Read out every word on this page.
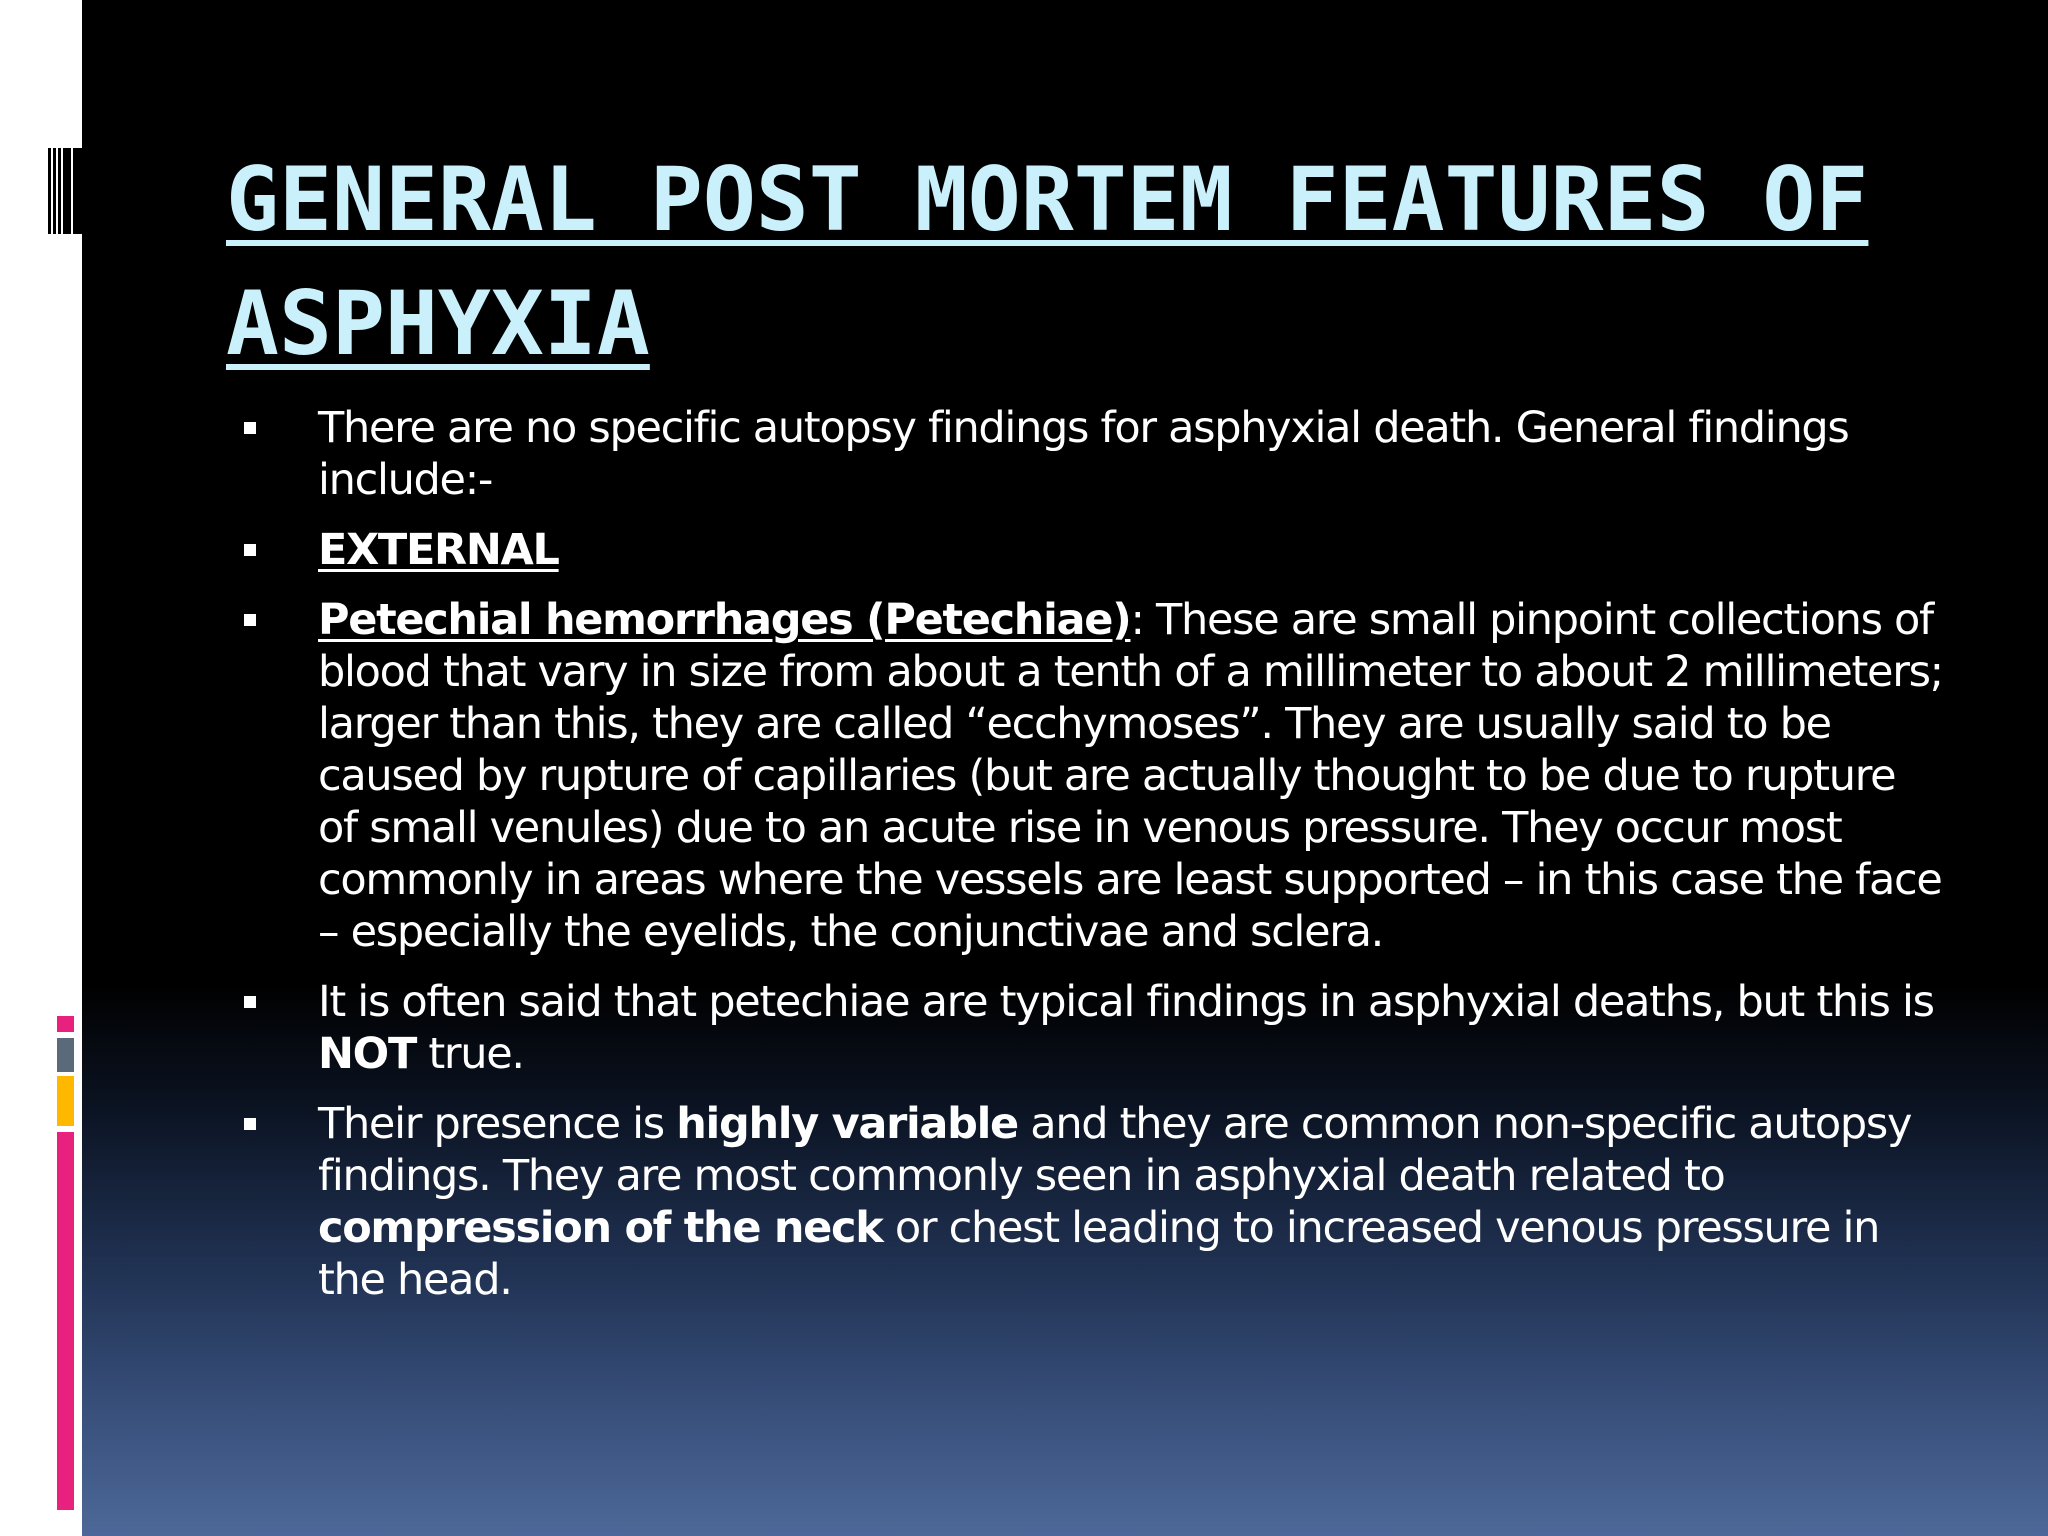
GENERAL POST MORTEM FEATURES OF ASPHYXIA
There are no specific autopsy findings for asphyxial death. General findings include:-
EXTERNAL
Petechial hemorrhages (Petechiae): These are small pinpoint collections of blood that vary in size from about a tenth of a millimeter to about 2 millimeters; larger than this, they are called “ecchymoses”. They are usually said to be caused by rupture of capillaries (but are actually thought to be due to rupture of small venules) due to an acute rise in venous pressure. They occur most commonly in areas where the vessels are least supported – in this case the face – especially the eyelids, the conjunctivae and sclera.
It is often said that petechiae are typical findings in asphyxial deaths, but this is NOT true.
Their presence is highly variable and they are common non-specific autopsy findings. They are most commonly seen in asphyxial death related to compression of the neck or chest leading to increased venous pressure in the head.
